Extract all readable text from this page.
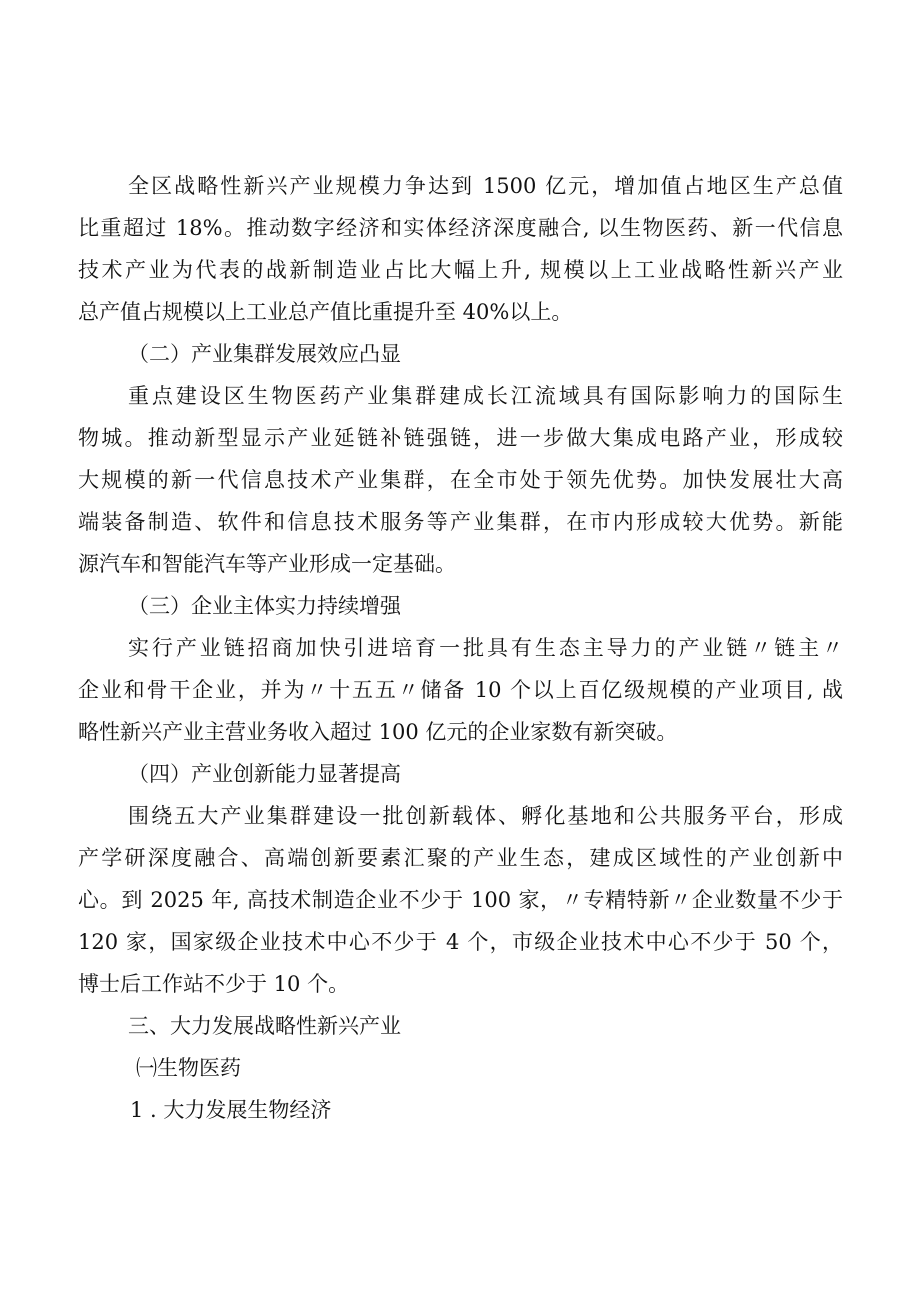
全区战略性新兴产业规模力争达到 1500 亿元，增加值占地区生产总值
比重超过 18%。推动数字经济和实体经济深度融合, 以生物医药、新一代信息
技术产业为代表的战新制造业占比大幅上升, 规模以上工业战略性新兴产业
总产值占规模以上工业总产值比重提升至 40%以上。
（二）产业集群发展效应凸显
重点建设区生物医药产业集群建成长江流域具有国际影响力的国际生
物城。推动新型显示产业延链补链强链，进一步做大集成电路产业，形成较
大规模的新一代信息技术产业集群，在全市处于领先优势。加快发展壮大高
端装备制造、软件和信息技术服务等产业集群，在市内形成较大优势。新能
源汽车和智能汽车等产业形成一定基础。
（三）企业主体实力持续增强
实行产业链招商加快引进培育一批具有生态主导力的产业链〃链主〃
企业和骨干企业，并为〃十五五〃储备 10 个以上百亿级规模的产业项目, 战
略性新兴产业主营业务收入超过 100 亿元的企业家数有新突破。
（四）产业创新能力显著提高
围绕五大产业集群建设一批创新载体、孵化基地和公共服务平台，形成
产学研深度融合、高端创新要素汇聚的产业生态，建成区域性的产业创新中
心。到 2025 年, 高技术制造企业不少于 100 家，〃专精特新〃企业数量不少于
120 家，国家级企业技术中心不少于 4 个，市级企业技术中心不少于 50 个，
博士后工作站不少于 10 个。
三、大力发展战略性新兴产业
㈠生物医药
1 . 大力发展生物经济
